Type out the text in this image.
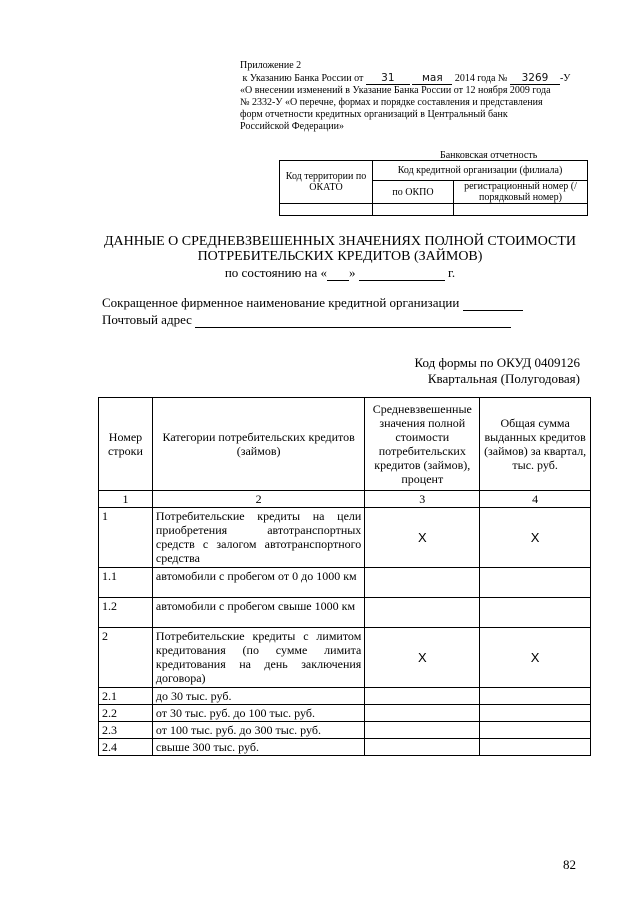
Приложение 2
к Указанию Банка России от 31	мая 2014 года № 3269 -У
«О внесении изменений в Указание Банка России от 12 ноября 2009 года
№ 2332-У «О перечне, формах и порядке составления и представления
форм отчетности кредитных организаций в Центральный банк
Российской Федерации»
Банковская отчетность
Код территории по ОКАТО	Код кредитной организации (филиала)	
	по ОКПО	регистрационный номер (/порядковый номер)

ДАННЫЕ О СРЕДНЕВЗВЕШЕННЫХ ЗНАЧЕНИЯХ ПОЛНОЙ СТОИМОСТИ
ПОТРЕБИТЕЛЬСКИХ КРЕДИТОВ (ЗАЙМОВ)
по состоянию на « »	г.
Сокращенное фирменное наименование кредитной организации
Почтовый адрес
Код формы по ОКУД 0409126
Квартальная (Полугодовая)
Номер строки	Категории потребительских кредитов (займов)	Средневзвешенные значения полной стоимости потребительских кредитов (займов), процент	Общая сумма выданных кредитов (займов) за квартал, тыс. руб.
1	2	3	4
1	Потребительские кредиты на цели приобретения автотранспортных средств с залогом автотранспортного средства	X	X
1.1	автомобили с пробегом от 0 до 1000 км		
1.2	автомобили с пробегом свыше 1000 км		
2	Потребительские кредиты с лимитом кредитования (по сумме лимита кредитования на день заключения договора)	X	X
2.1	до 30 тыс. руб.		
2.2	от 30 тыс. руб. до 100 тыс. руб.		
2.3	от 100 тыс. руб. до 300 тыс. руб.		
2.4	свыше 300 тыс. руб.		
82
